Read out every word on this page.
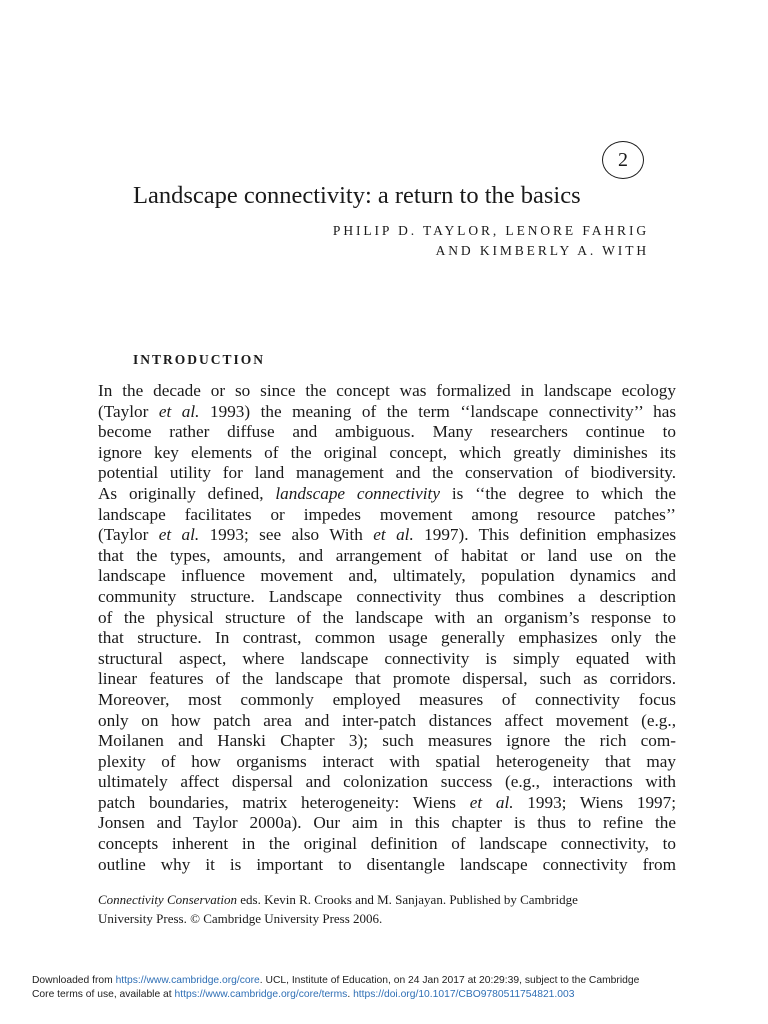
2
Landscape connectivity: a return to the basics
PHILIP D. TAYLOR, LENORE FAHRIG
AND KIMBERLY A. WITH
INTRODUCTION
In the decade or so since the concept was formalized in landscape ecology
(Taylor et al. 1993) the meaning of the term ‘‘landscape connectivity’’ has
become rather diffuse and ambiguous. Many researchers continue to
ignore key elements of the original concept, which greatly diminishes its
potential utility for land management and the conservation of biodiversity.
As originally defined, landscape connectivity is ‘‘the degree to which the
landscape facilitates or impedes movement among resource patches’’
(Taylor et al. 1993; see also With et al. 1997). This definition emphasizes
that the types, amounts, and arrangement of habitat or land use on the
landscape influence movement and, ultimately, population dynamics and
community structure. Landscape connectivity thus combines a description
of the physical structure of the landscape with an organism’s response to
that structure. In contrast, common usage generally emphasizes only the
structural aspect, where landscape connectivity is simply equated with
linear features of the landscape that promote dispersal, such as corridors.
Moreover, most commonly employed measures of connectivity focus
only on how patch area and inter-patch distances affect movement (e.g.,
Moilanen and Hanski Chapter 3); such measures ignore the rich com-
plexity of how organisms interact with spatial heterogeneity that may
ultimately affect dispersal and colonization success (e.g., interactions with
patch boundaries, matrix heterogeneity: Wiens et al. 1993; Wiens 1997;
Jonsen and Taylor 2000a). Our aim in this chapter is thus to refine the
concepts inherent in the original definition of landscape connectivity, to
outline why it is important to disentangle landscape connectivity from
Connectivity Conservation eds. Kevin R. Crooks and M. Sanjayan. Published by Cambridge
University Press. © Cambridge University Press 2006.
Downloaded from https://www.cambridge.org/core. UCL, Institute of Education, on 24 Jan 2017 at 20:29:39, subject to the Cambridge
Core terms of use, available at https://www.cambridge.org/core/terms. https://doi.org/10.1017/CBO9780511754821.003
